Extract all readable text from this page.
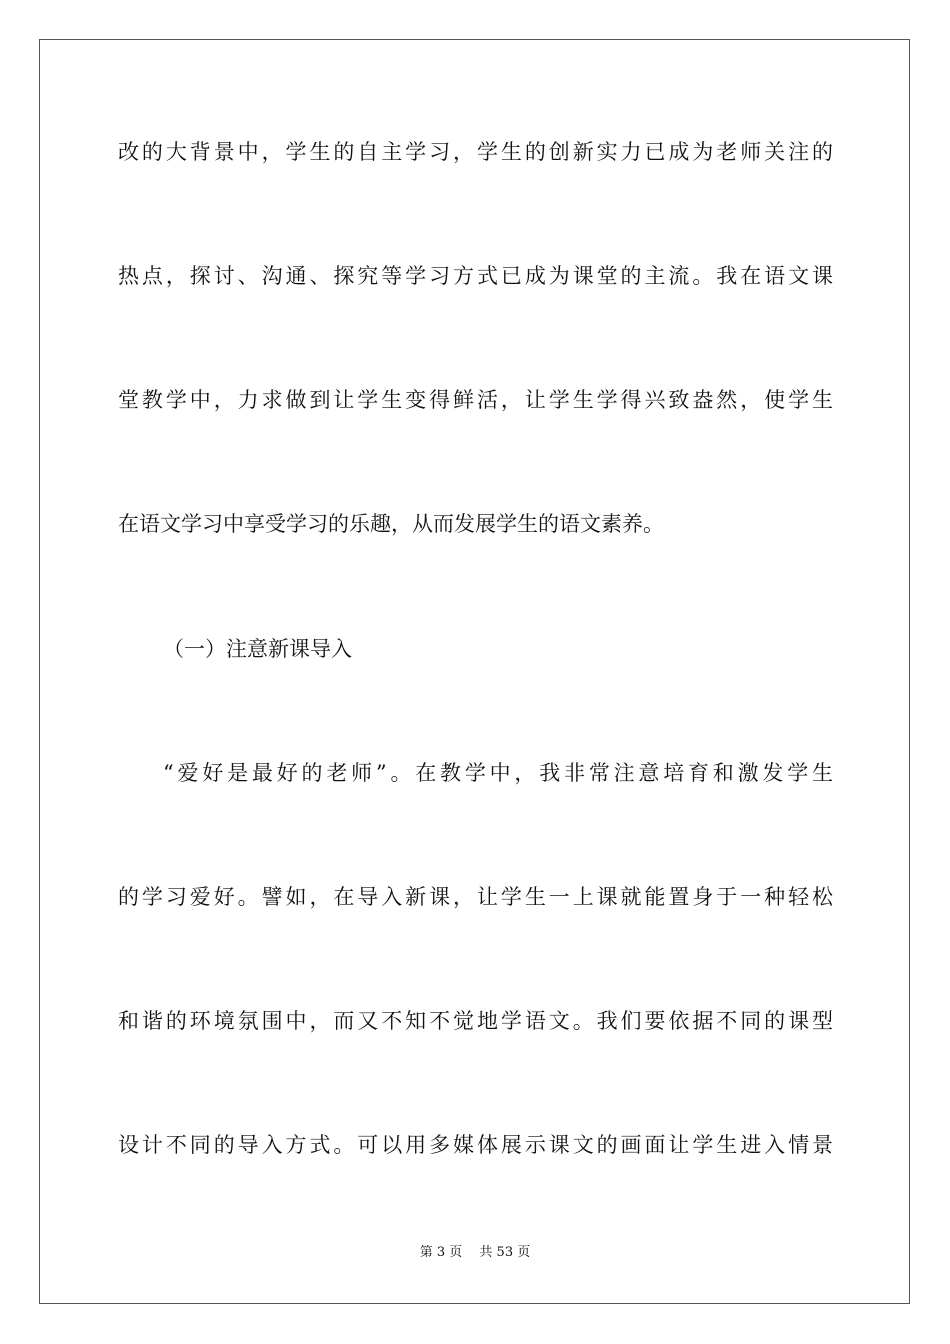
改的大背景中，学生的自主学习，学生的创新实力已成为老师关注的
热点，探讨、沟通、探究等学习方式已成为课堂的主流。我在语文课
堂教学中，力求做到让学生变得鲜活，让学生学得兴致盎然，使学生
在语文学习中享受学习的乐趣，从而发展学生的语文素养。
（一）注意新课导入
“爱好是最好的老师”。在教学中，我非常注意培育和激发学生
的学习爱好。譬如，在导入新课，让学生一上课就能置身于一种轻松
和谐的环境氛围中，而又不知不觉地学语文。我们要依据不同的课型
设计不同的导入方式。可以用多媒体展示课文的画面让学生进入情景
第 3 页　 共 53 页
